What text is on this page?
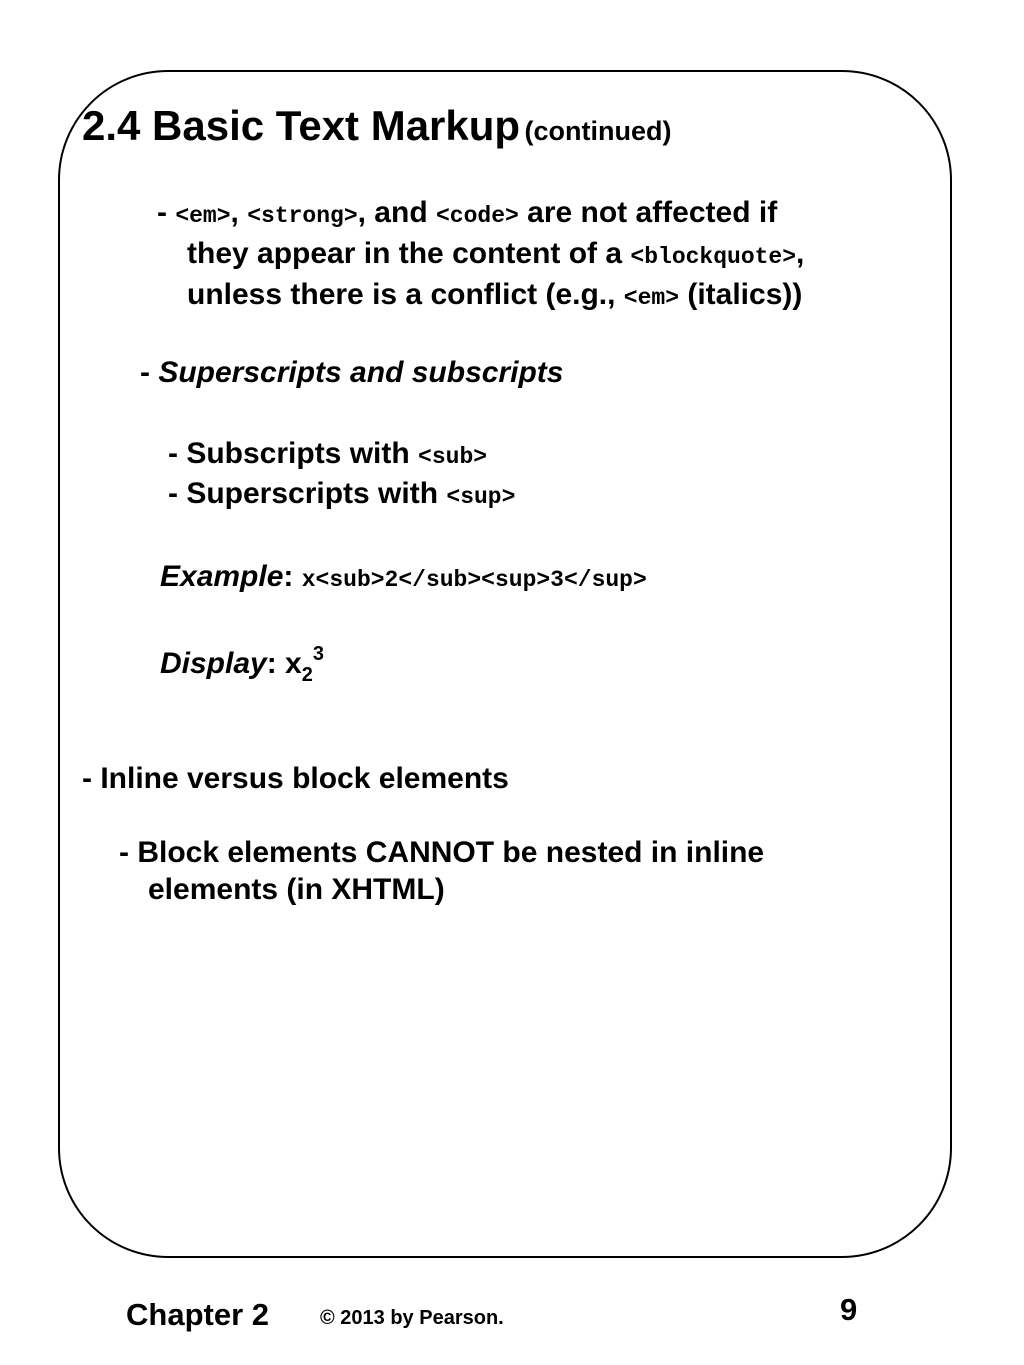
2.4 Basic Text Markup (continued)
- <em>, <strong>, and <code> are not affected if
they appear in the content of a <blockquote>,
unless there is a conflict (e.g., <em> (italics))
- Superscripts and subscripts
- Subscripts with <sub>
- Superscripts with <sup>
Example: x<sub>2</sub><sup>3</sup>
Display: $x_2^3$
- Inline versus block elements
- Block elements CANNOT be nested in inline
elements (in XHTML)
Chapter 2	© 2013 by Pearson.	9
